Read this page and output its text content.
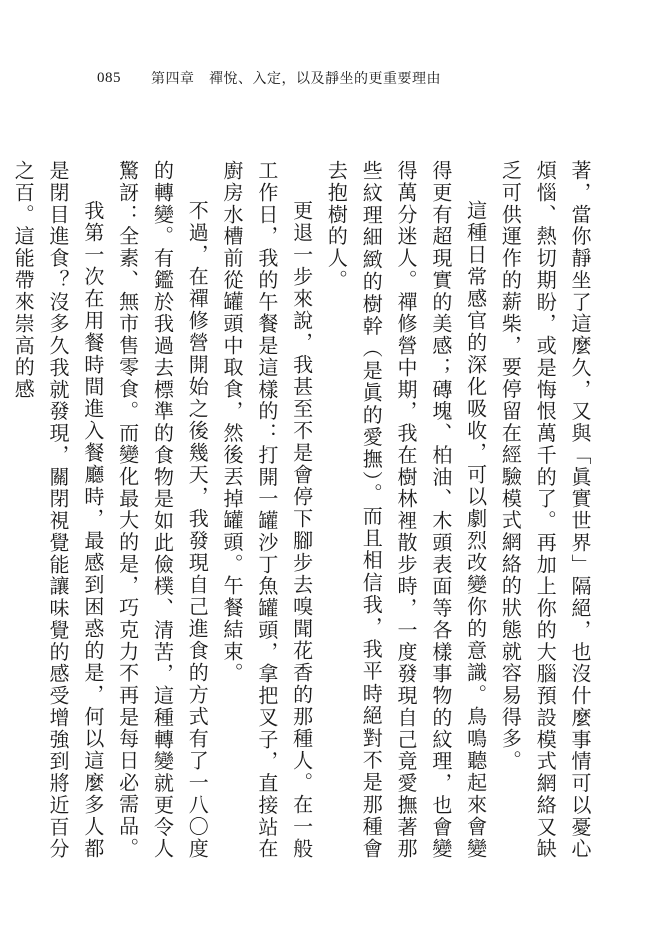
085	第四章　禪悅、入定，以及靜坐的更重要理由

著，當你靜坐了這麼久，又與「眞實世界」隔絕，也沒什麼事情可以憂心煩惱、熱切期盼，或是悔恨萬千的了。再加上你的大腦預設模式網絡又缺乏可供運作的薪柴，要停留在經驗模式網絡的狀態就容易得多。

這種日常感官的深化吸收，可以劇烈改變你的意識。鳥鳴聽起來會變得更有超現實的美感；磚塊、柏油、木頭表面等各樣事物的紋理，也會變得萬分迷人。禪修營中期，我在樹林裡散步時，一度發現自己竟愛撫著那些紋理細緻的樹幹（是眞的愛撫）。而且相信我，我平時絕對不是那種會去抱樹的人。

更退一步來說，我甚至不是會停下腳步去嗅聞花香的那種人。在一般工作日，我的午餐是這樣的：打開一罐沙丁魚罐頭，拿把叉子，直接站在廚房水槽前從罐頭中取食，然後丟掉罐頭。午餐結束。

不過，在禪修營開始之後幾天，我發現自己進食的方式有了一八〇度的轉變。有鑑於我過去標準的食物是如此儉樸、清苦，這種轉變就更令人驚訝：全素、無市售零食。而變化最大的是，巧克力不再是每日必需品。

我第一次在用餐時間進入餐廳時，最感到困惑的是，何以這麼多人都是閉目進食？沒多久我就發現，關閉視覺能讓味覺的感受增強到將近百分之百。這能帶來崇高的感
